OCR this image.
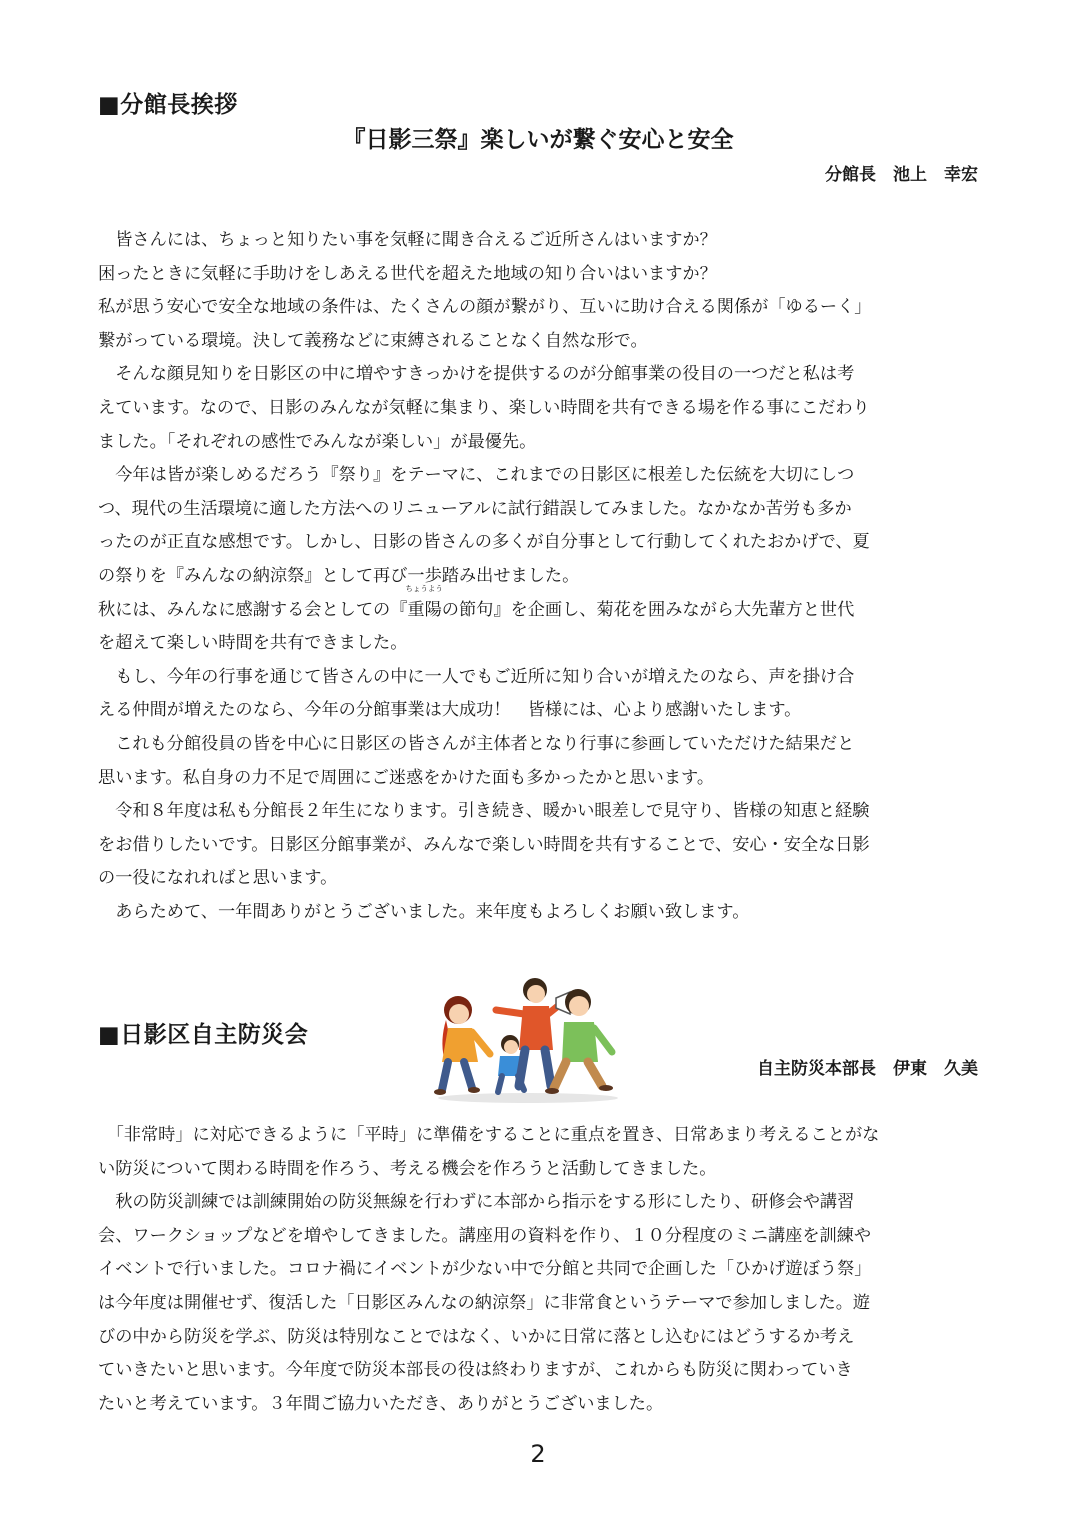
■分館長挨拶
『日影三祭』楽しいが繋ぐ安心と安全
分館長　池上　幸宏

　皆さんには、ちょっと知りたい事を気軽に聞き合えるご近所さんはいますか？

困ったときに気軽に手助けをしあえる世代を超えた地域の知り合いはいますか？

私が思う安心で安全な地域の条件は、たくさんの顔が繋がり、互いに助け合える関係が「ゆるーく」

繋がっている環境。決して義務などに束縛されることなく自然な形で。

　そんな顔見知りを日影区の中に増やすきっかけを提供するのが分館事業の役目の一つだと私は考

えています。なので、日影のみんなが気軽に集まり、楽しい時間を共有できる場を作る事にこだわり

ました。「それぞれの感性でみんなが楽しい」が最優先。

　今年は皆が楽しめるだろう『祭り』をテーマに、これまでの日影区に根差した伝統を大切にしつ

つ、現代の生活環境に適した方法へのリニューアルに試行錯誤してみました。なかなか苦労も多か

ったのが正直な感想です。しかし、日影の皆さんの多くが自分事として行動してくれたおかげで、夏

の祭りを『みんなの納涼祭』として再び一歩踏み出せました。

秋には、みんなに感謝する会としての『
ちょうよう
重陽の節句』を企画し、菊花を囲みながら大先輩方と世代

を超えて楽しい時間を共有できました。

　もし、今年の行事を通じて皆さんの中に一人でもご近所に知り合いが増えたのなら、声を掛け合

える仲間が増えたのなら、今年の分館事業は大成功！　皆様には、心より感謝いたします。

　これも分館役員の皆を中心に日影区の皆さんが主体者となり行事に参画していただけた結果だと

思います。私自身の力不足で周囲にご迷惑をかけた面も多かったかと思います。

　令和８年度は私も分館長２年生になります。引き続き、暖かい眼差しで見守り、皆様の知恵と経験

をお借りしたいです。日影区分館事業が、みんなで楽しい時間を共有することで、安心・安全な日影

の一役になれればと思います。

　あらためて、一年間ありがとうございました。来年度もよろしくお願い致します。

■日影区自主防災会
自主防災本部長　伊東　久美

　「非常時」に対応できるように「平時」に準備をすることに重点を置き、日常あまり考えることがな

い防災について関わる時間を作ろう、考える機会を作ろうと活動してきました。

　秋の防災訓練では訓練開始の防災無線を行わずに本部から指示をする形にしたり、研修会や講習

会、ワークショップなどを増やしてきました。講座用の資料を作り、１０分程度のミニ講座を訓練や

イベントで行いました。コロナ禍にイベントが少ない中で分館と共同で企画した「ひかげ遊ぼう祭」

は今年度は開催せず、復活した「日影区みんなの納涼祭」に非常食というテーマで参加しました。遊

びの中から防災を学ぶ、防災は特別なことではなく、いかに日常に落とし込むにはどうするか考え

ていきたいと思います。今年度で防災本部長の役は終わりますが、これからも防災に関わっていき

たいと考えています。３年間ご協力いただき、ありがとうございました。

2
